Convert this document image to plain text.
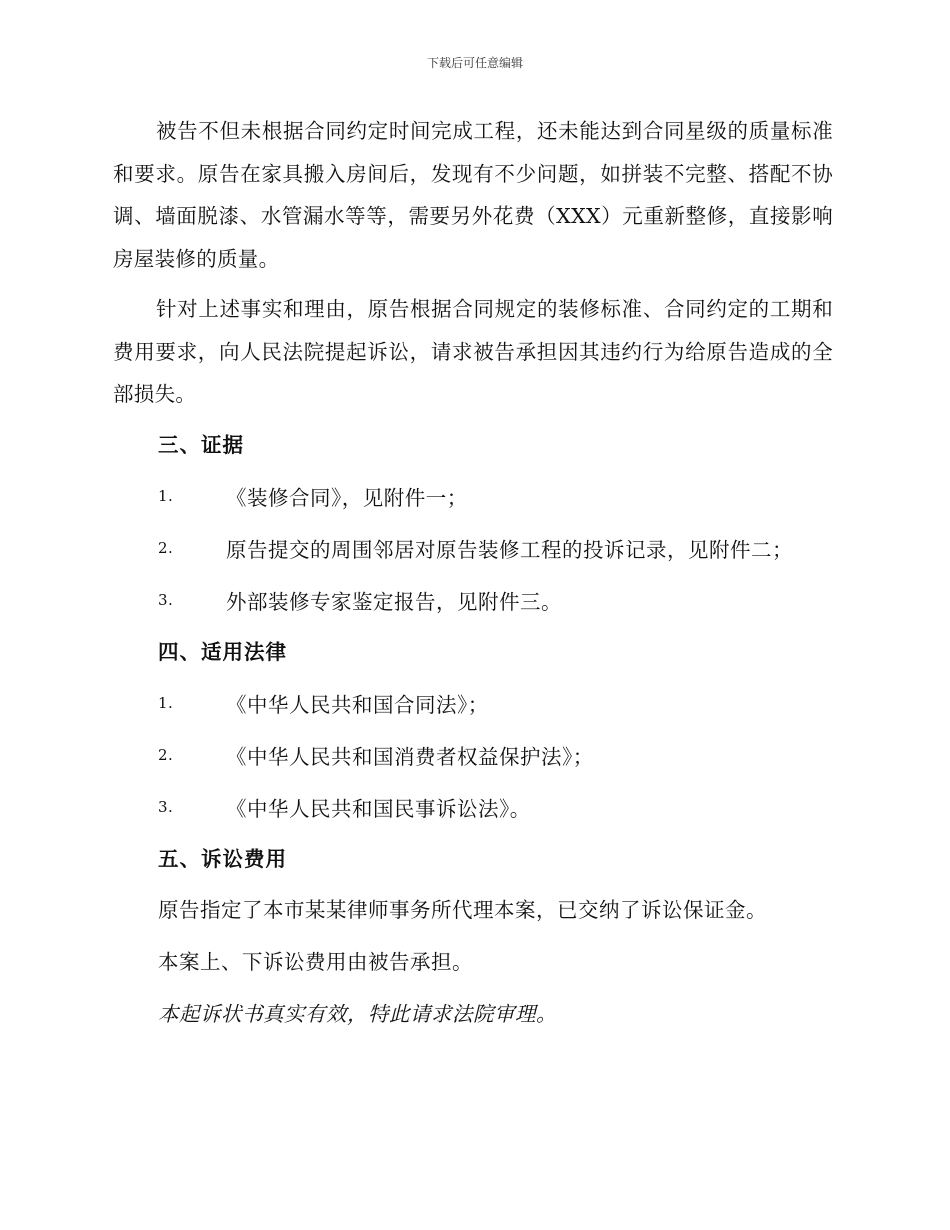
下载后可任意编辑

被告不但未根据合同约定时间完成工程，还未能达到合同星级的质量标准和要求。原告在家具搬入房间后，发现有不少问题，如拼装不完整、搭配不协调、墙面脱漆、水管漏水等等，需要另外花费（XXX）元重新整修，直接影响房屋装修的质量。

针对上述事实和理由，原告根据合同规定的装修标准、合同约定的工期和费用要求，向人民法院提起诉讼，请求被告承担因其违约行为给原告造成的全部损失。

三、证据
1.	《装修合同》，见附件一；
2.	原告提交的周围邻居对原告装修工程的投诉记录，见附件二；
3.	外部装修专家鉴定报告，见附件三。
四、适用法律
1.	《中华人民共和国合同法》；
2.	《中华人民共和国消费者权益保护法》；
3.	《中华人民共和国民事诉讼法》。
五、诉讼费用
原告指定了本市某某律师事务所代理本案，已交纳了诉讼保证金。
本案上、下诉讼费用由被告承担。
本起诉状书真实有效，特此请求法院审理。
